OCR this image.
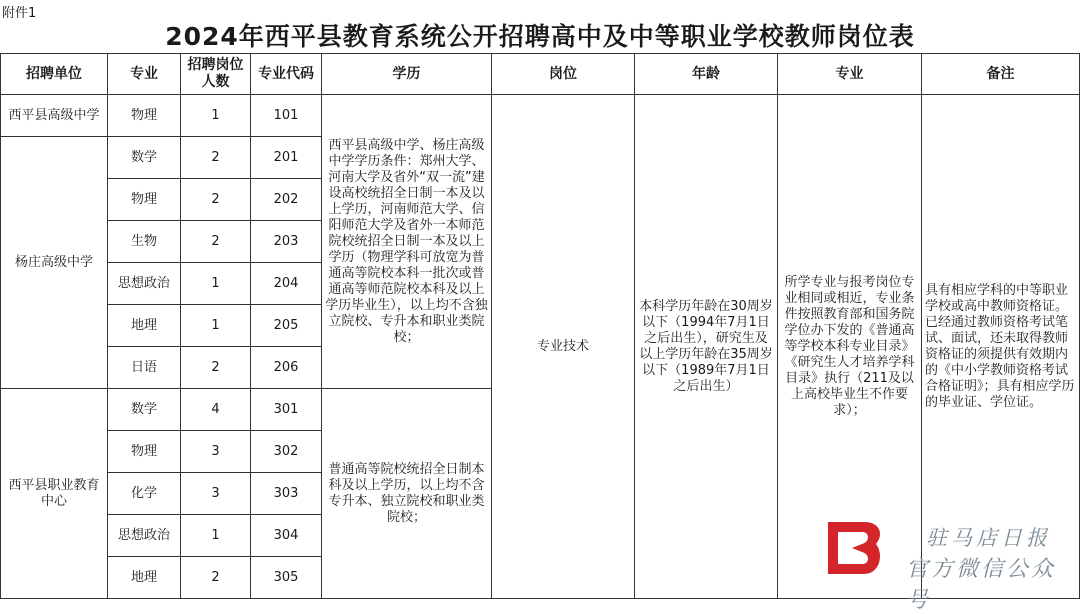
附件1
2024年西平县教育系统公开招聘高中及中等职业学校教师岗位表
招聘单位	专业	招聘岗位人数	专业代码	学历	岗位	年龄	专业	备注
西平县高级中学	物理	1	101	西平县高级中学、杨庄高级中学学历条件：郑州大学、河南大学及省外“双一流”建设高校统招全日制一本及以上学历，河南师范大学、信阳师范大学及省外一本师范院校统招全日制一本及以上学历（物理学科可放宽为普通高等院校本科一批次或普通高等师范院校本科及以上学历毕业生），以上均不含独立院校、专升本和职业类院校；	专业技术	本科学历年龄在30周岁以下（1994年7月1日之后出生），研究生及以上学历年龄在35周岁以下（1989年7月1日之后出生）	所学专业与报考岗位专业相同或相近，专业条件按照教育部和国务院学位办下发的《普通高等学校本科专业目录》《研究生人才培养学科目录》执行（211及以上高校毕业生不作要求）；	具有相应学科的中等职业学校或高中教师资格证。已经通过教师资格考试笔试、面试，还未取得教师资格证的须提供有效期内的《中小学教师资格考试合格证明》；具有相应学历的毕业证、学位证。
杨庄高级中学	数学	2	201					
	物理	2	202					
	生物	2	203					
	思想政治	1	204					
	地理	1	205					
	日语	2	206					
西平县职业教育中心	数学	4	301	普通高等院校统招全日制本科及以上学历，以上均不含专升本、独立院校和职业类院校；				
	物理	3	302					
	化学	3	303					
	思想政治	1	304					
	地理	2	305					
驻马店日报
官方微信公众号
